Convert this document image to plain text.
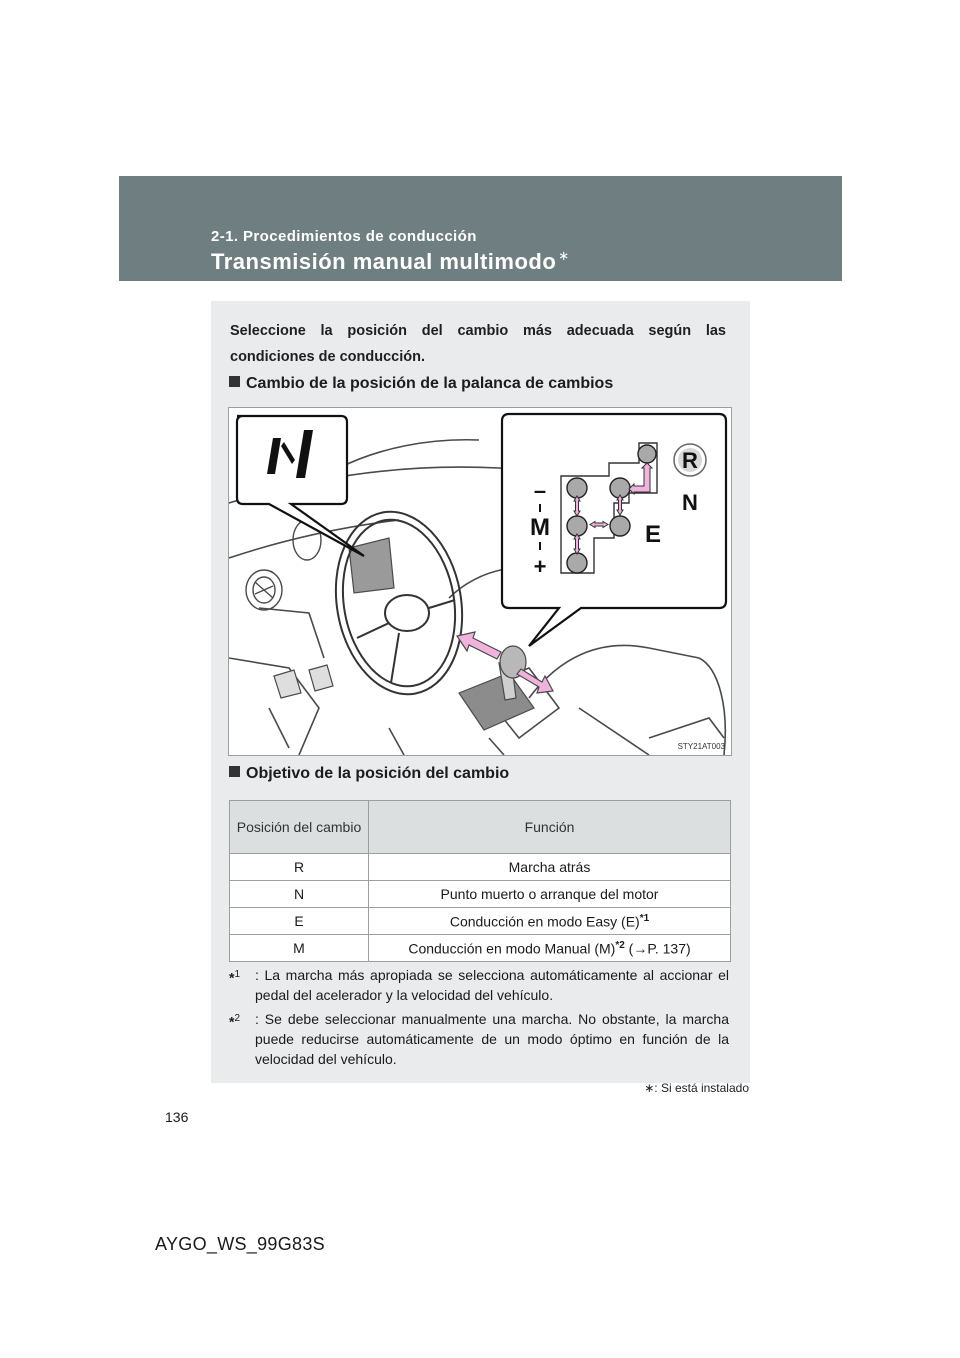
2-1. Procedimientos de conducción
Transmisión manual multimodo ∗
Seleccione la posición del cambio más adecuada según las condiciones de conducción.
Cambio de la posición de la palanca de cambios
R
N
E
–
M
+
STY21AT003
Objetivo de la posición del cambio
Posición del cambio	Función
R	Marcha atrás
N	Punto muerto o arranque del motor
E	Conducción en modo Easy $(E)^{*1}$
M	Conducción en modo Manual $(M)^{*2}$ (→P. 137)
*$^1$ : La marcha más apropiada se selecciona automáticamente al accionar el pedal del acelerador y la velocidad del vehículo.
*$^2$ : Se debe seleccionar manualmente una marcha. No obstante, la marcha puede reducirse automáticamente de un modo óptimo en función de la velocidad del vehículo.
∗: Si está instalado
136
AYGO_WS_99G83S
